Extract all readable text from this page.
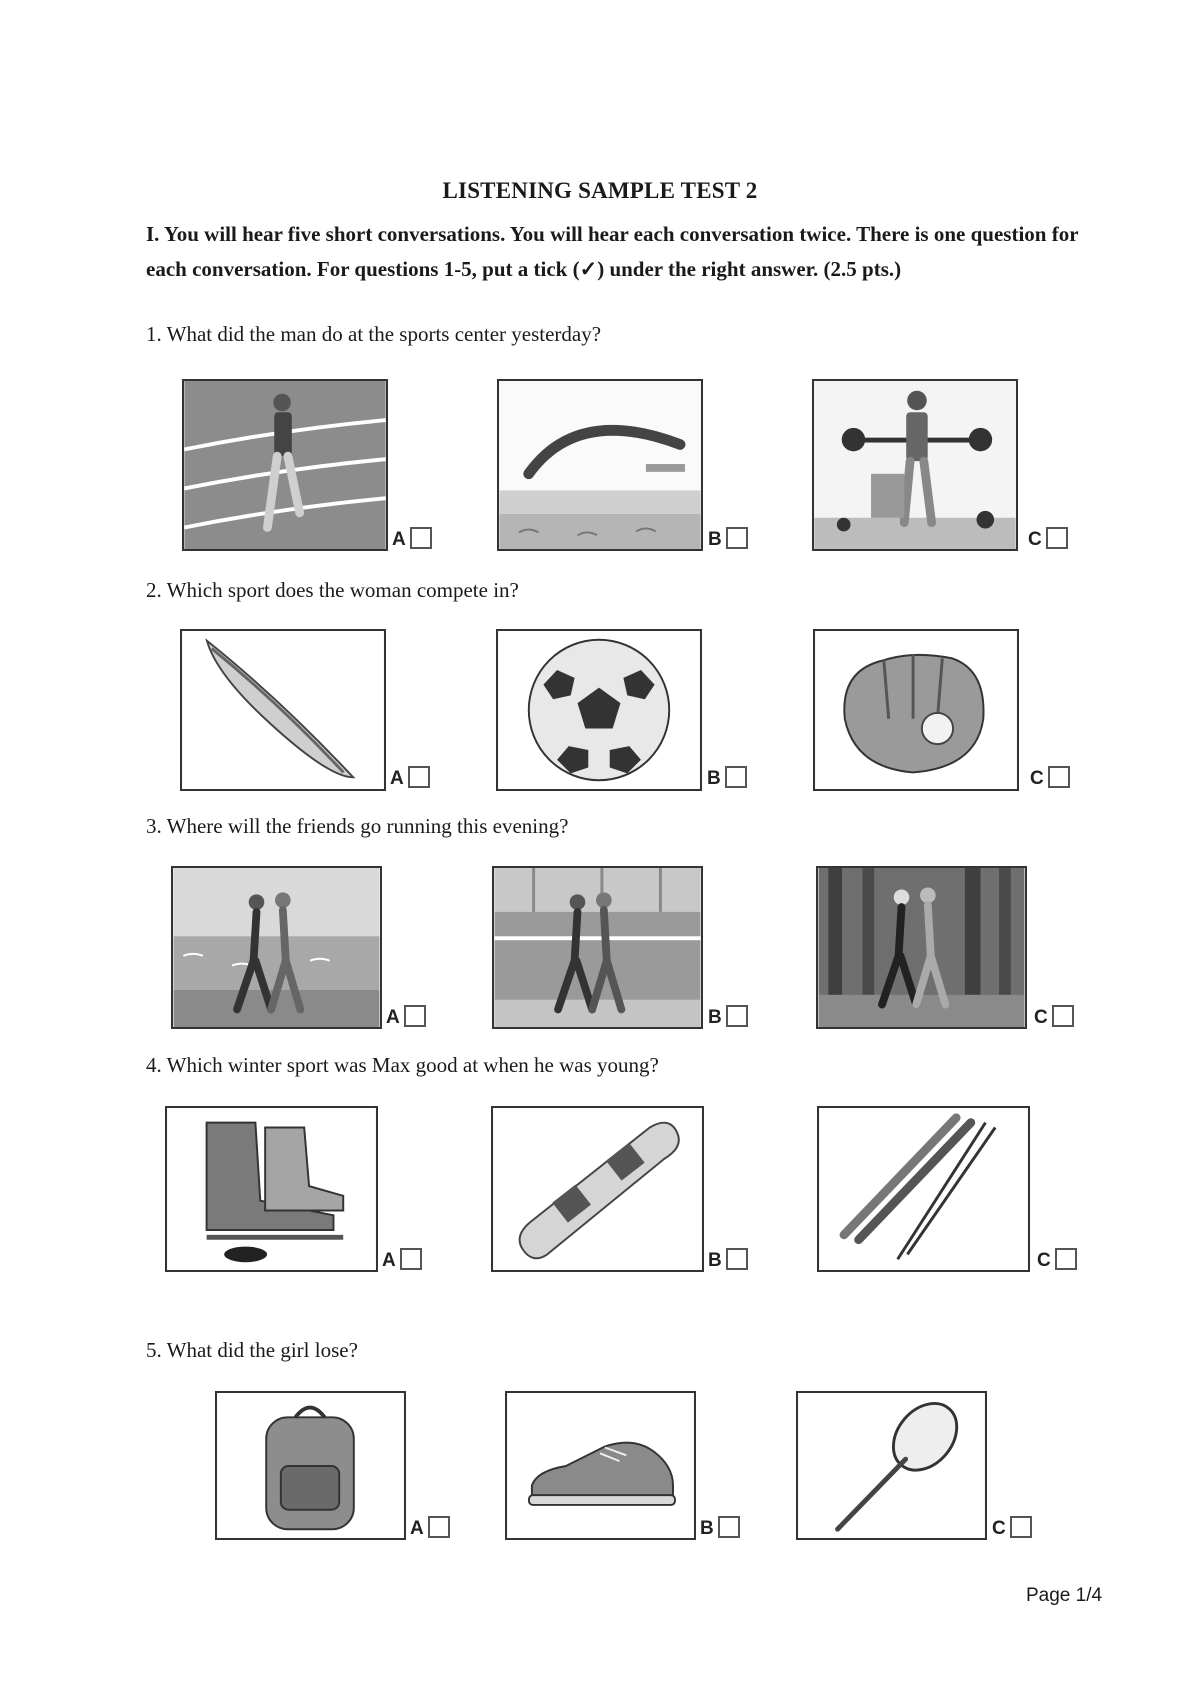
LISTENING SAMPLE TEST 2
I. You will hear five short conversations. You will hear each conversation twice. There is one question for each conversation. For questions 1-5, put a tick (✓) under the right answer. (2.5 pts.)
1. What did the man do at the sports center yesterday?
A	B	C
2. Which sport does the woman compete in?
A	B	C
3. Where will the friends go running this evening?
A	B	C
4. Which winter sport was Max good at when he was young?
A	B	C
5. What did the girl lose?
A	B	C
Page 1/4
